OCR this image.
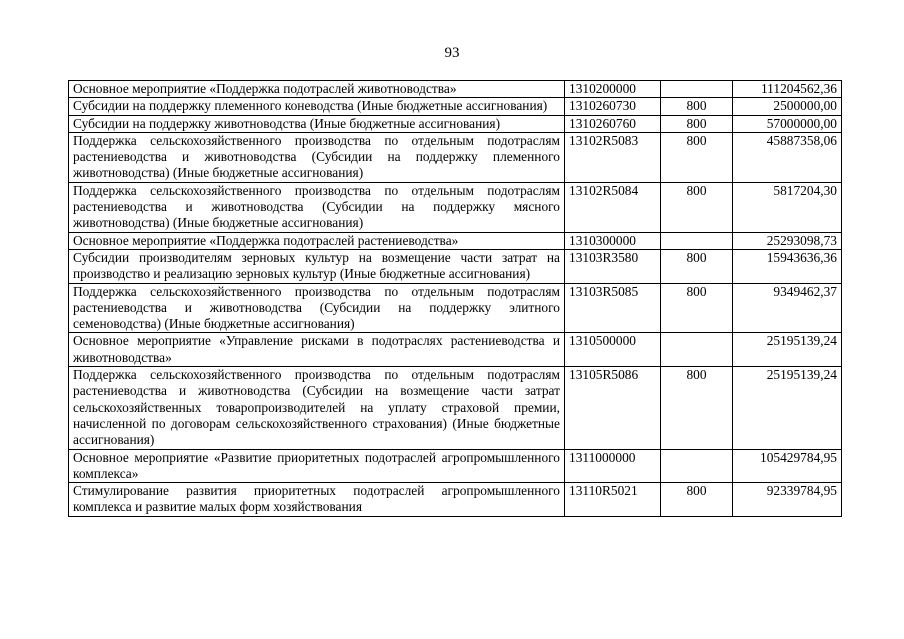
93
Основное мероприятие «Поддержка подотраслей животноводства»	1310200000		111204562,36
Субсидии на поддержку племенного коневодства (Иные бюджетные ассигнования)	1310260730	800	2500000,00
Субсидии на поддержку животноводства (Иные бюджетные ассигнования)	1310260760	800	57000000,00
Поддержка сельскохозяйственного производства по отдельным подотраслям растениеводства и животноводства (Субсидии на поддержку племенного животноводства) (Иные бюджетные ассигнования)	13102R5083	800	45887358,06
Поддержка сельскохозяйственного производства по отдельным подотраслям растениеводства и животноводства (Субсидии на поддержку мясного животноводства) (Иные бюджетные ассигнования)	13102R5084	800	5817204,30
Основное мероприятие «Поддержка подотраслей растениеводства»	1310300000		25293098,73
Субсидии производителям зерновых культур на возмещение части затрат на производство и реализацию зерновых культур (Иные бюджетные ассигнования)	13103R3580	800	15943636,36
Поддержка сельскохозяйственного производства по отдельным подотраслям растениеводства и животноводства (Субсидии на поддержку элитного семеноводства) (Иные бюджетные ассигнования)	13103R5085	800	9349462,37
Основное мероприятие «Управление рисками в подотраслях растениеводства и животноводства»	1310500000		25195139,24
Поддержка сельскохозяйственного производства по отдельным подотраслям растениеводства и животноводства (Субсидии на возмещение части затрат сельскохозяйственных товаропроизводителей на уплату страховой премии, начисленной по договорам сельскохозяйственного страхования) (Иные бюджетные ассигнования)	13105R5086	800	25195139,24
Основное мероприятие «Развитие приоритетных подотраслей агропромышленного комплекса»	1311000000		105429784,95
Стимулирование развития приоритетных подотраслей агропромышленного комплекса и развитие малых форм хозяйствования	13110R5021	800	92339784,95
